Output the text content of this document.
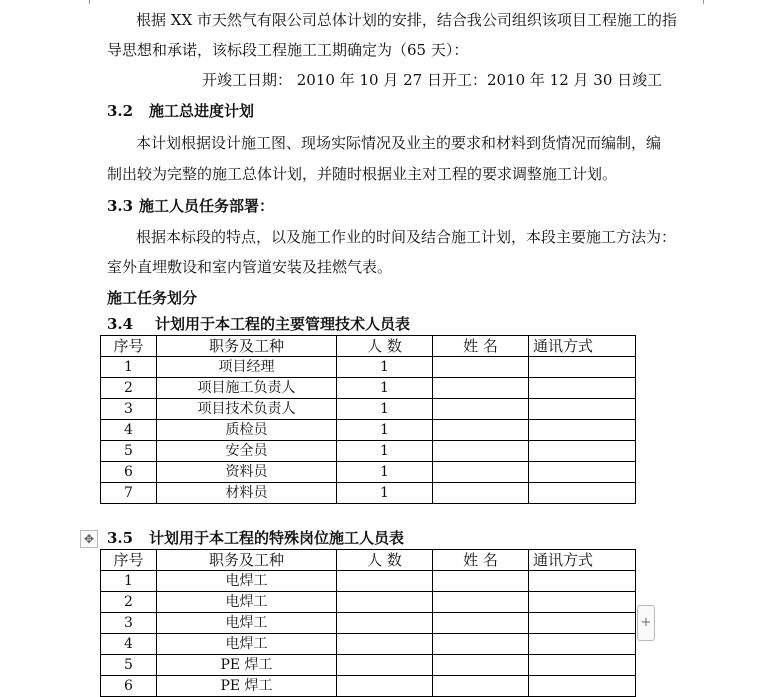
根据 XX 市天然气有限公司总体计划的安排，结合我公司组织该项目工程施工的指
导思想和承诺，该标段工程施工工期确定为（65 天）：
开竣工日期： 2010 年 10 月 27 日开工：2010 年 12 月 30 日竣工
3.2 施工总进度计划
本计划根据设计施工图、现场实际情况及业主的要求和材料到货情况而编制，编
制出较为完整的施工总体计划，并随时根据业主对工程的要求调整施工计划。
3.3 施工人员任务部署：
根据本标段的特点，以及施工作业的时间及结合施工计划，本段主要施工方法为：
室外直埋敷设和室内管道安装及挂燃气表。
施工任务划分
3.4 计划用于本工程的主要管理技术人员表
序号	职务及工种	人 数	姓 名	通讯方式
1	项目经理	1		
2	项目施工负责人	1		
3	项目技术负责人	1		
4	质检员	1		
5	安全员	1		
6	资料员	1		
7	材料员	1		
✥ 3.5 计划用于本工程的特殊岗位施工人员表
序号	职务及工种	人 数	姓 名	通讯方式
1	电焊工			
2	电焊工			
3	电焊工			
4	电焊工			
5	PE 焊工			
6	PE 焊工			
+
